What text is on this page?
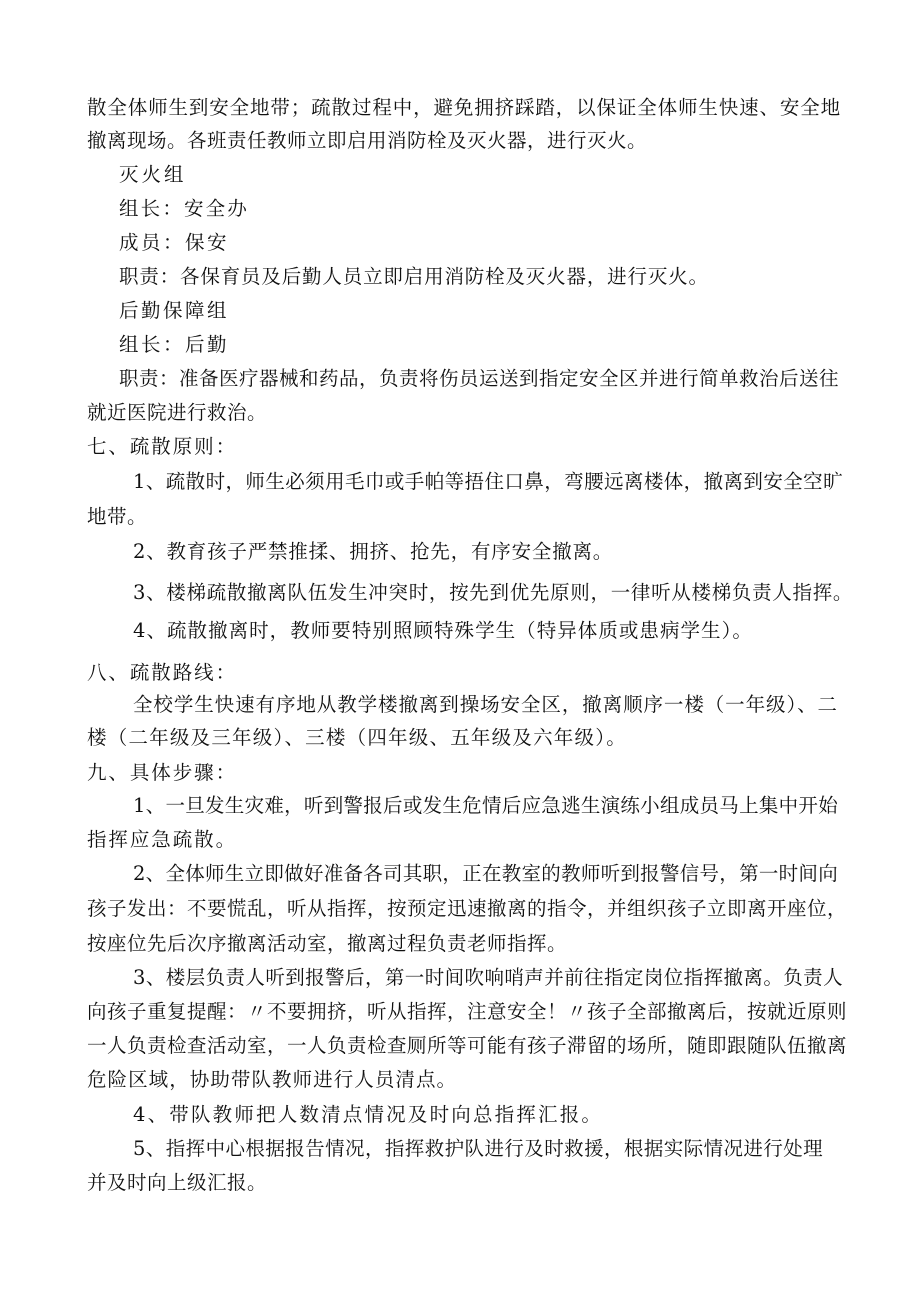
散全体师生到安全地带；疏散过程中，避免拥挤踩踏，以保证全体师生快速、安全地
撤离现场。各班责任教师立即启用消防栓及灭火器，进行灭火。
灭火组
组长：安全办
成员：保安
职责：各保育员及后勤人员立即启用消防栓及灭火器，进行灭火。
后勤保障组
组长：后勤
职责：准备医疗器械和药品，负责将伤员运送到指定安全区并进行简单救治后送往
就近医院进行救治。
七、疏散原则：
1、疏散时，师生必须用毛巾或手帕等捂住口鼻，弯腰远离楼体，撤离到安全空旷
地带。
2、教育孩子严禁推揉、拥挤、抢先，有序安全撤离。
3、楼梯疏散撤离队伍发生冲突时，按先到优先原则，一律听从楼梯负责人指挥。
4、疏散撤离时，教师要特别照顾特殊学生（特异体质或患病学生）。
八、疏散路线：
全校学生快速有序地从教学楼撤离到操场安全区，撤离顺序一楼（一年级）、二
楼（二年级及三年级）、三楼（四年级、五年级及六年级）。
九、具体步骤：
1、一旦发生灾难，听到警报后或发生危情后应急逃生演练小组成员马上集中开始
指挥应急疏散。
2、全体师生立即做好准备各司其职，正在教室的教师听到报警信号，第一时间向
孩子发出：不要慌乱，听从指挥，按预定迅速撤离的指令，并组织孩子立即离开座位，
按座位先后次序撤离活动室，撤离过程负责老师指挥。
3、楼层负责人听到报警后，第一时间吹响哨声并前往指定岗位指挥撤离。负责人
向孩子重复提醒：〃不要拥挤，听从指挥，注意安全！〃孩子全部撤离后，按就近原则
一人负责检查活动室，一人负责检查厕所等可能有孩子滞留的场所，随即跟随队伍撤离
危险区域，协助带队教师进行人员清点。
4、带队教师把人数清点情况及时向总指挥汇报。
5、指挥中心根据报告情况，指挥救护队进行及时救援，根据实际情况进行处理
并及时向上级汇报。
